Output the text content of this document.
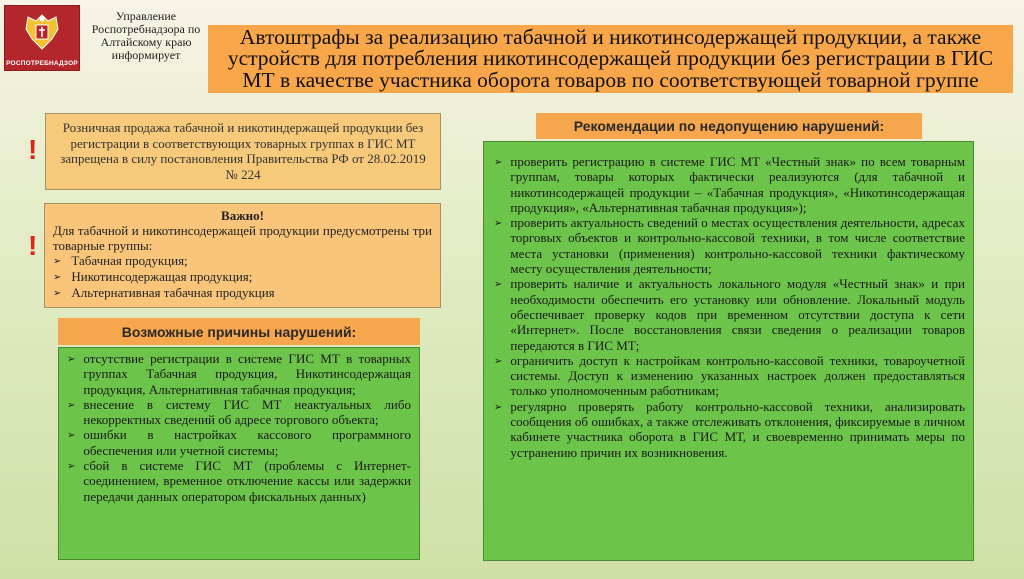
РОСПОТРЕБНАДЗОР
Управление Роспотребнадзора по Алтайскому краю информирует
Автоштрафы за реализацию табачной и никотинсодержащей продукции, а также устройств для потребления никотинсодержащей продукции без регистрации в ГИС МТ в качестве участника оборота товаров по соответствующей товарной группе
!
!
Розничная продажа табачной и никотиндержащей продукции без регистрации в соответствующих товарных группах в ГИС МТ запрещена в силу постановления Правительства РФ от 28.02.2019 № 224
Важно!
Для табачной и никотинсодержащей продукции предусмотрены три товарные группы:
➢ Табачная продукция;
➢ Никотинсодержащая продукция;
➢ Альтернативная табачная продукция
Возможные причины нарушений:
➢ отсутствие регистрации в системе ГИС МТ в товарных группах Табачная продукция, Никотинсодержащая продукция, Альтернативная табачная продукция;
➢ внесение в систему ГИС МТ неактуальных либо некорректных сведений об адресе торгового объекта;
➢ ошибки в настройках кассового программного обеспечения или учетной системы;
➢ сбой в системе ГИС МТ (проблемы с Интернет-соединением, временное отключение кассы или задержки передачи данных оператором фискальных данных)
Рекомендации по недопущению нарушений:
➢ проверить регистрацию в системе ГИС МТ «Честный знак» по всем товарным группам, товары которых фактически реализуются (для табачной и никотинсодержащей продукции – «Табачная продукция», «Никотинсодержащая продукция», «Альтернативная табачная продукция»);
➢ проверить актуальность сведений о местах осуществления деятельности, адресах торговых объектов и контрольно-кассовой техники, в том числе соответствие места установки (применения) контрольно-кассовой техники фактическому месту осуществления деятельности;
➢ проверить наличие и актуальность локального модуля «Честный знак» и при необходимости обеспечить его установку или обновление. Локальный модуль обеспечивает проверку кодов при временном отсутствии доступа к сети «Интернет». После восстановления связи сведения о реализации товаров передаются в ГИС МТ;
➢ ограничить доступ к настройкам контрольно-кассовой техники, товароучетной системы. Доступ к изменению указанных настроек должен предоставляться только уполномоченным работникам;
➢ регулярно проверять работу контрольно-кассовой техники, анализировать сообщения об ошибках, а также отслеживать отклонения, фиксируемые в личном кабинете участника оборота в ГИС МТ, и своевременно принимать меры по устранению причин их возникновения.
